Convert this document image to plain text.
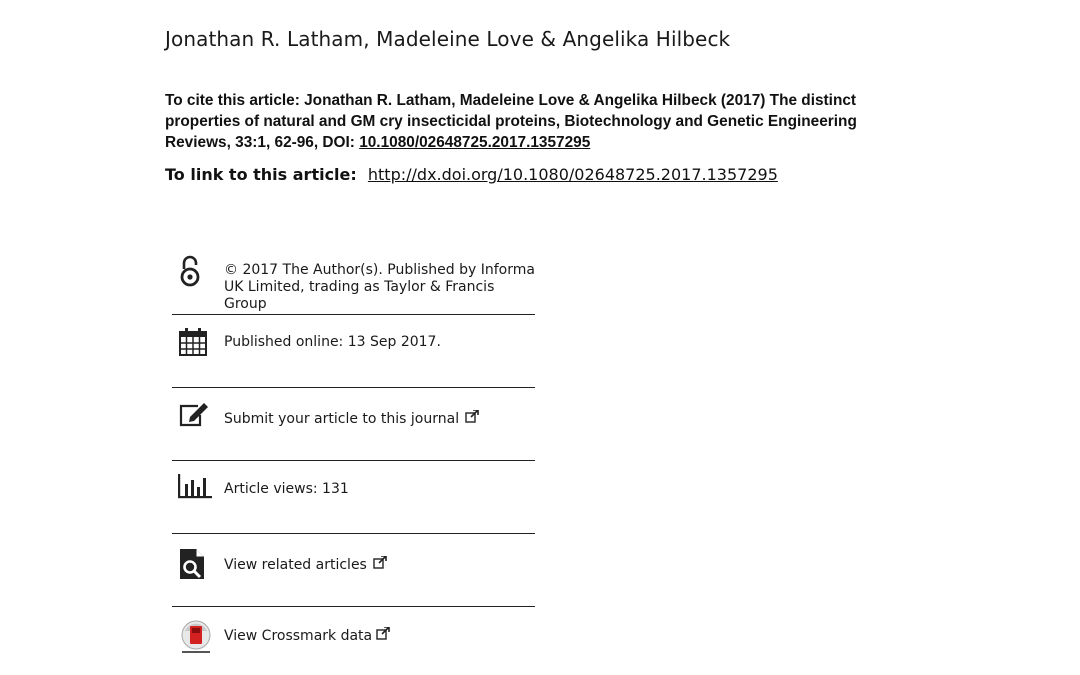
Jonathan R. Latham, Madeleine Love & Angelika Hilbeck
To cite this article: Jonathan R. Latham, Madeleine Love & Angelika Hilbeck (2017) The distinct properties of natural and GM cry insecticidal proteins, Biotechnology and Genetic Engineering Reviews, 33:1, 62-96, DOI: 10.1080/02648725.2017.1357295
To link to this article: http://dx.doi.org/10.1080/02648725.2017.1357295
© 2017 The Author(s). Published by Informa UK Limited, trading as Taylor & Francis Group
Published online: 13 Sep 2017.
Submit your article to this journal
Article views: 131
View related articles
View Crossmark data
